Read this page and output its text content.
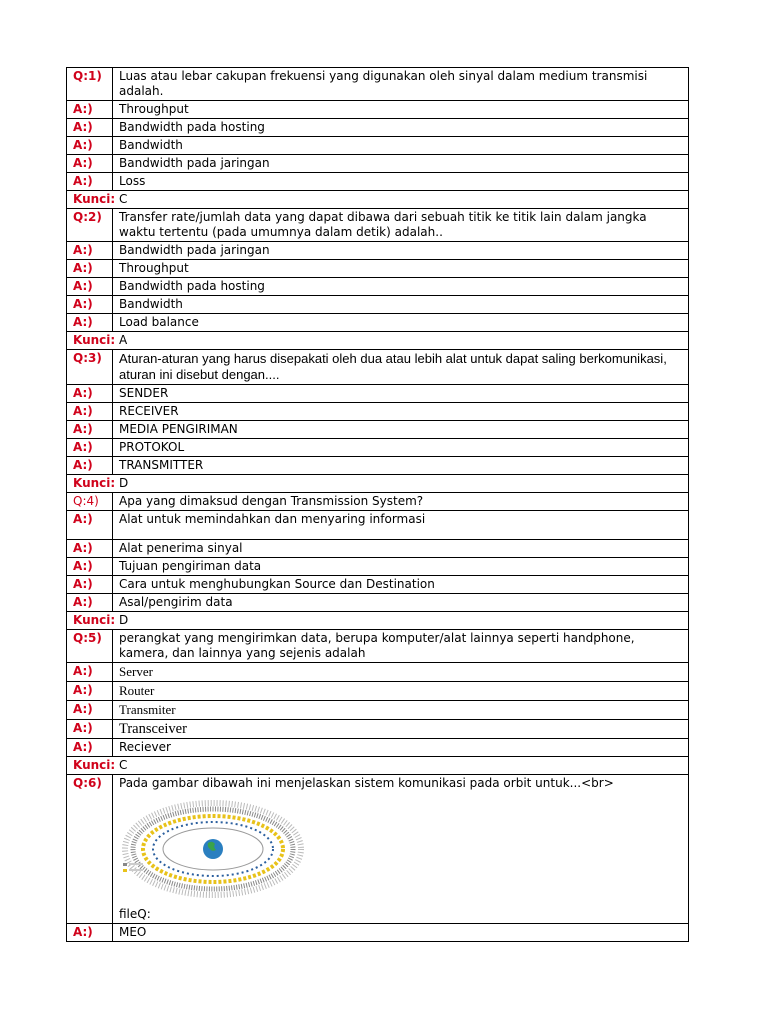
Q:1)	Luas atau lebar cakupan frekuensi yang digunakan oleh sinyal dalam medium transmisi adalah.
A:)	Throughput
A:)	Bandwidth pada hosting
A:)	Bandwidth
A:)	Bandwidth pada jaringan
A:)	Loss
Kunci: C	
Q:2)	Transfer rate/jumlah data yang dapat dibawa dari sebuah titik ke titik lain dalam jangka waktu tertentu (pada umumnya dalam detik) adalah..
A:)	Bandwidth pada jaringan
A:)	Throughput
A:)	Bandwidth pada hosting
A:)	Bandwidth
A:)	Load balance
Kunci: A	
Q:3)	Aturan-aturan yang harus disepakati oleh dua atau lebih alat untuk dapat saling berkomunikasi, aturan ini disebut dengan....
A:)	SENDER
A:)	RECEIVER
A:)	MEDIA PENGIRIMAN
A:)	PROTOKOL
A:)	TRANSMITTER
Kunci: D	
Q:4)	Apa yang dimaksud dengan Transmission System?
A:)	Alat untuk memindahkan dan menyaring informasi
A:)	Alat penerima sinyal
A:)	Tujuan pengiriman data
A:)	Cara untuk menghubungkan Source dan Destination
A:)	Asal/pengirim data
Kunci: D	
Q:5)	perangkat yang mengirimkan data, berupa komputer/alat lainnya seperti handphone, kamera, dan lainnya yang sejenis adalah
A:)	Server
A:)	Router
A:)	Transmiter
A:)	Transceiver
A:)	Reciever
Kunci: C	
Q:6)	Pada gambar dibawah ini menjelaskan sistem komunikasi pada orbit untuk...<br>
fileQ:

A:)	MEO
